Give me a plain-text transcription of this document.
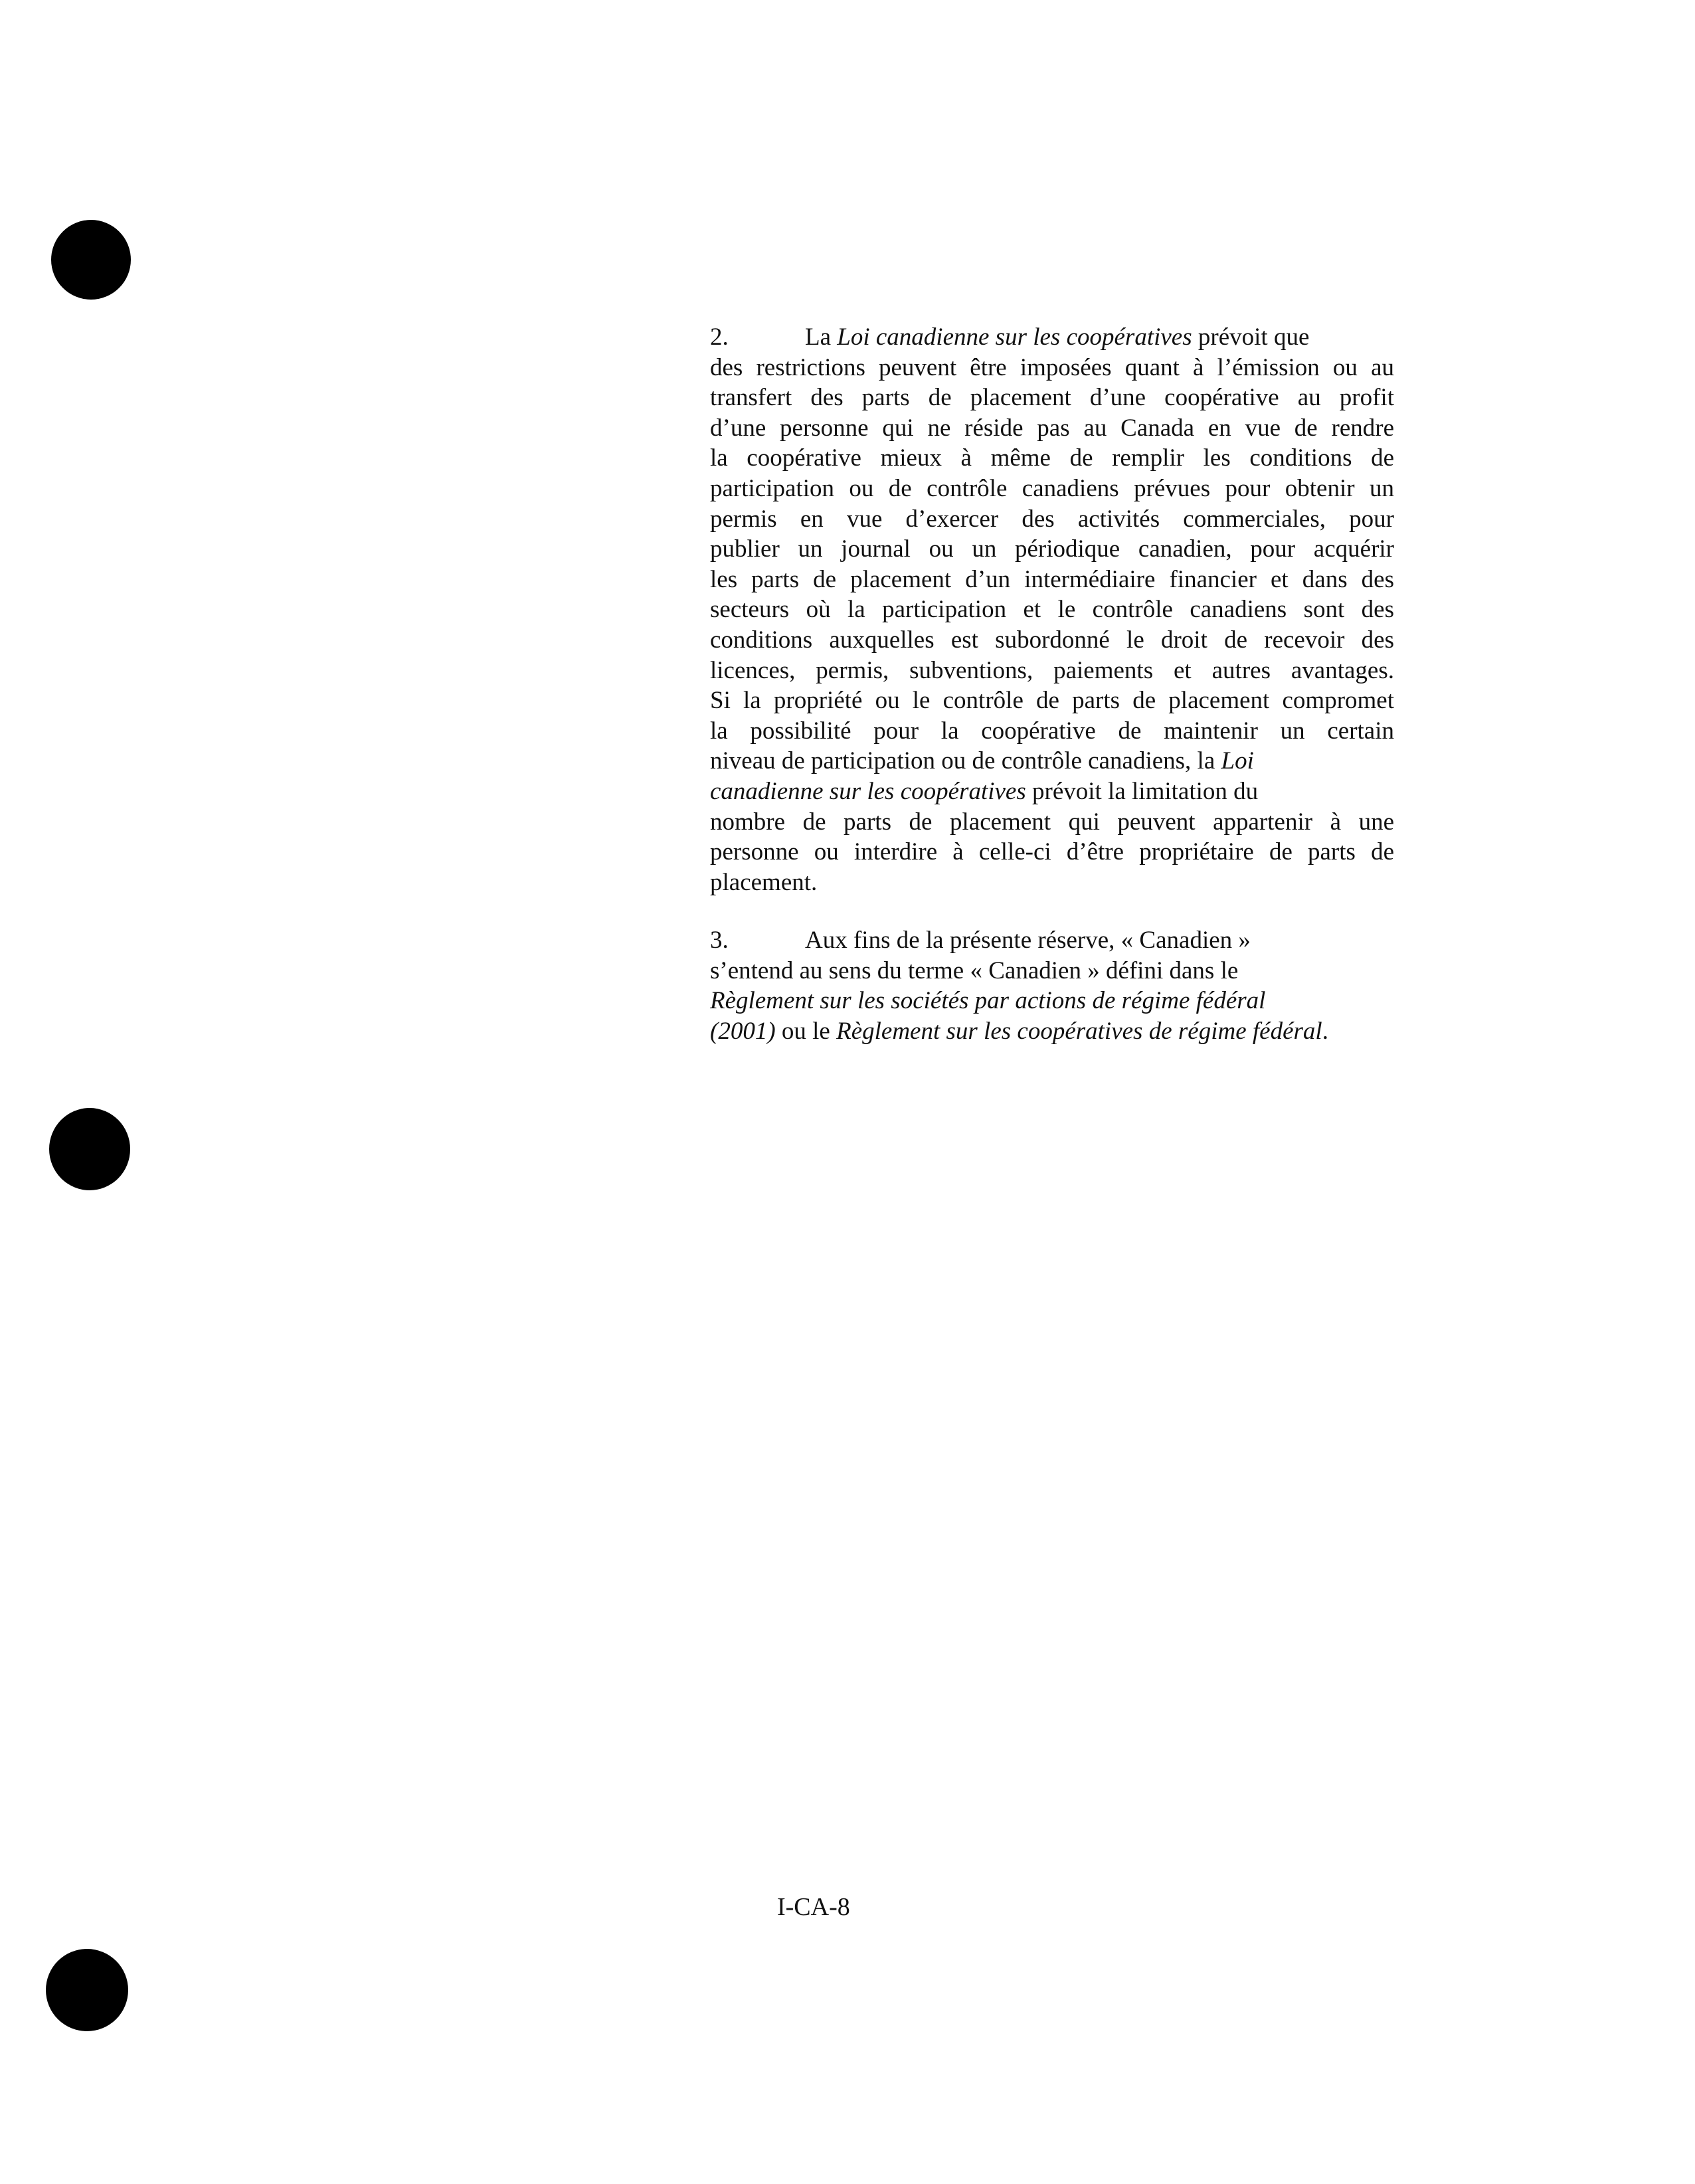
2.	La Loi canadienne sur les coopératives prévoit que
des restrictions peuvent être imposées quant à l’émission ou au
transfert des parts de placement d’une coopérative au profit
d’une personne qui ne réside pas au Canada en vue de rendre
la coopérative mieux à même de remplir les conditions de
participation ou de contrôle canadiens prévues pour obtenir un
permis en vue d’exercer des activités commerciales, pour
publier un journal ou un périodique canadien, pour acquérir
les parts de placement d’un intermédiaire financier et dans des
secteurs où la participation et le contrôle canadiens sont des
conditions auxquelles est subordonné le droit de recevoir des
licences, permis, subventions, paiements et autres avantages.
Si la propriété ou le contrôle de parts de placement compromet
la possibilité pour la coopérative de maintenir un certain
niveau de participation ou de contrôle canadiens, la Loi
canadienne sur les coopératives prévoit la limitation du
nombre de parts de placement qui peuvent appartenir à une
personne ou interdire à celle-ci d’être propriétaire de parts de
placement.
3.	Aux fins de la présente réserve, « Canadien »
s’entend au sens du terme « Canadien » défini dans le
Règlement sur les sociétés par actions de régime fédéral
(2001) ou le Règlement sur les coopératives de régime fédéral.
I-CA-8
